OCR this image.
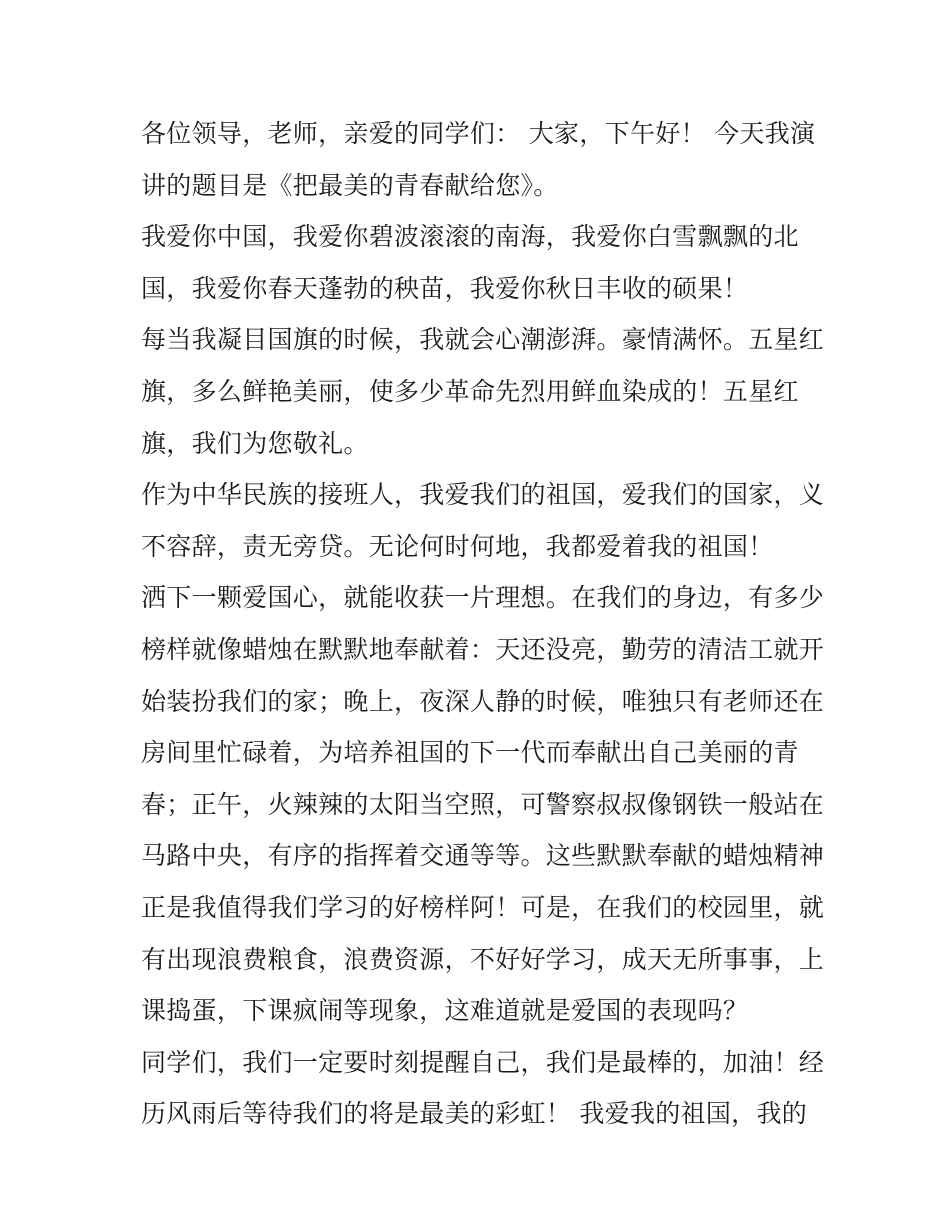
各位领导，老师，亲爱的同学们： 大家，下午好！ 今天我演
讲的题目是《把最美的青春献给您》。
我爱你中国，我爱你碧波滚滚的南海，我爱你白雪飘飘的北
国，我爱你春天蓬勃的秧苗，我爱你秋日丰收的硕果！
每当我凝目国旗的时候，我就会心潮澎湃。豪情满怀。五星红
旗，多么鲜艳美丽，使多少革命先烈用鲜血染成的！五星红
旗，我们为您敬礼。
作为中华民族的接班人，我爱我们的祖国，爱我们的国家，义
不容辞，责无旁贷。无论何时何地，我都爱着我的祖国！
洒下一颗爱国心，就能收获一片理想。在我们的身边，有多少
榜样就像蜡烛在默默地奉献着：天还没亮，勤劳的清洁工就开
始装扮我们的家；晚上，夜深人静的时候，唯独只有老师还在
房间里忙碌着，为培养祖国的下一代而奉献出自己美丽的青
春；正午，火辣辣的太阳当空照，可警察叔叔像钢铁一般站在
马路中央，有序的指挥着交通等等。这些默默奉献的蜡烛精神
正是我值得我们学习的好榜样阿！可是，在我们的校园里，就
有出现浪费粮食，浪费资源，不好好学习，成天无所事事，上
课捣蛋，下课疯闹等现象，这难道就是爱国的表现吗？
同学们，我们一定要时刻提醒自己，我们是最棒的，加油！经
历风雨后等待我们的将是最美的彩虹！ 我爱我的祖国，我的
